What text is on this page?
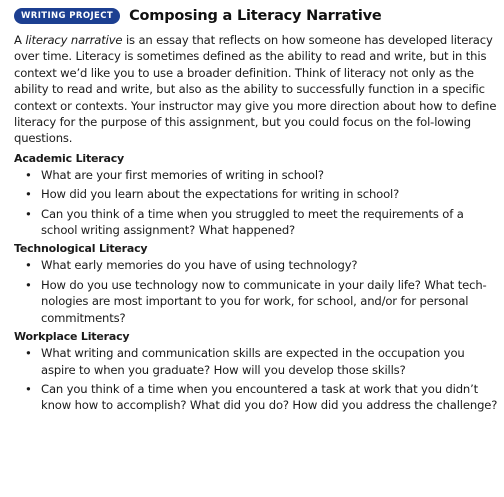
WRITING PROJECT	Composing a Literacy Narrative

A literacy narrative is an essay that reflects on how someone has developed literacy over time. Literacy is sometimes defined as the ability to read and write, but in this context we’d like you to use a broader definition. Think of literacy not only as the ability to read and write, but also as the ability to successfully function in a specific context or contexts. Your instructor may give you more direction about how to define literacy for the purpose of this assignment, but you could focus on the fol-lowing questions.

Academic Literacy
• What are your first memories of writing in school?
• How did you learn about the expectations for writing in school?
• Can you think of a time when you struggled to meet the requirements of a school writing assignment? What happened?
Technological Literacy
• What early memories do you have of using technology?
• How do you use technology now to communicate in your daily life? What tech-nologies are most important to you for work, for school, and/or for personal commitments?
Workplace Literacy
• What writing and communication skills are expected in the occupation you aspire to when you graduate? How will you develop those skills?
• Can you think of a time when you encountered a task at work that you didn’t know how to accomplish? What did you do? How did you address the challenge?
